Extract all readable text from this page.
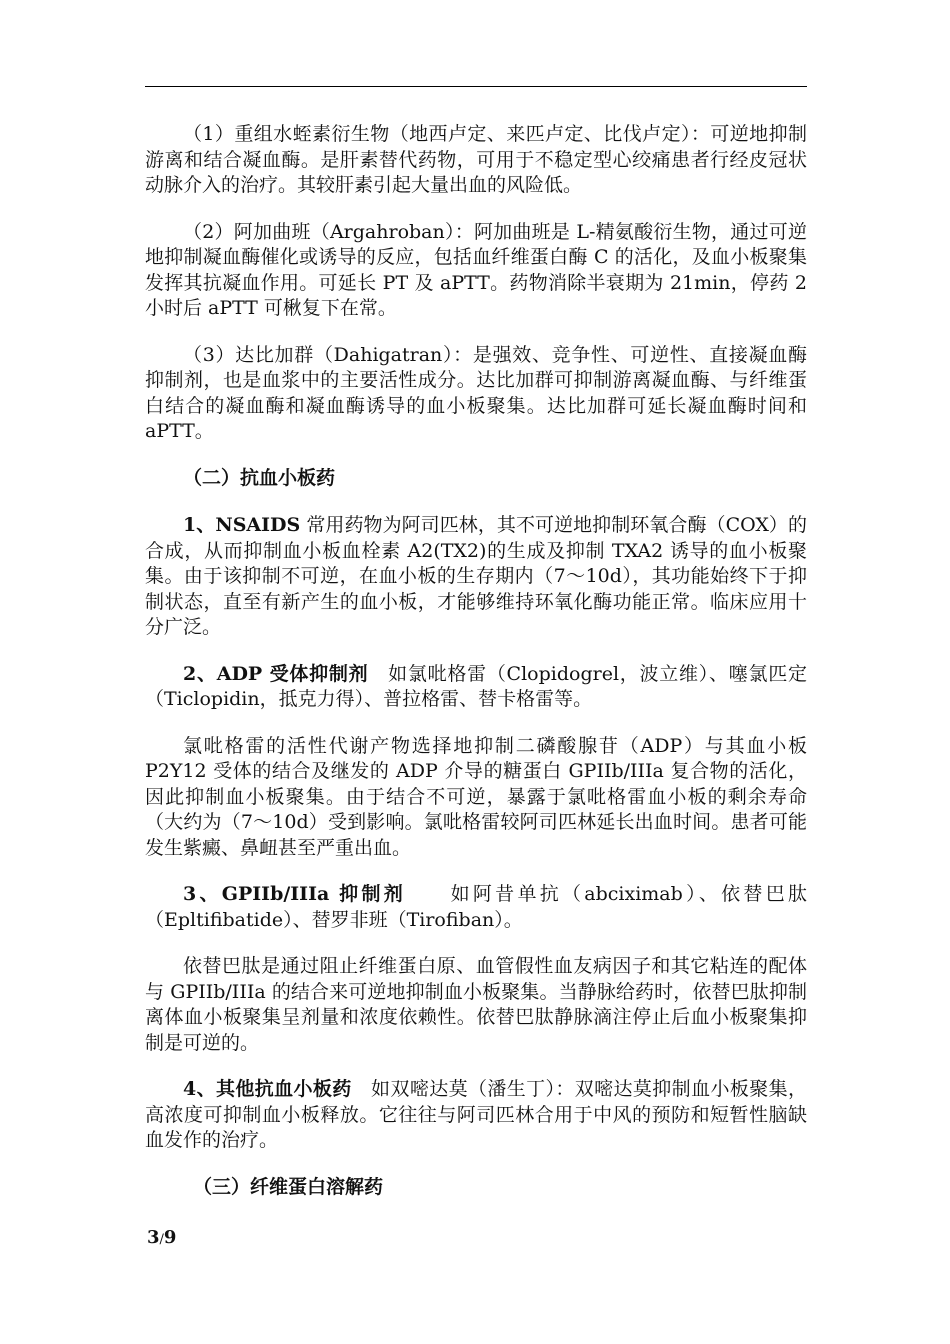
（1）重组水蛭素衍生物（地西卢定、来匹卢定、比伐卢定）：可逆地抑制游离和结合凝血酶。是肝素替代药物，可用于不稳定型心绞痛患者行经皮冠状动脉介入的治疗。其较肝素引起大量出血的风险低。

（2）阿加曲班（Argahroban）：阿加曲班是 L-精氨酸衍生物，通过可逆地抑制凝血酶催化或诱导的反应，包括血纤维蛋白酶 C 的活化，及血小板聚集发挥其抗凝血作用。可延长 PT 及 aPTT。药物消除半衰期为 21min，停药 2 小时后 aPTT 可楸复下在常。

（3）达比加群（Dahigatran）：是强效、竞争性、可逆性、直接凝血酶抑制剂，也是血浆中的主要活性成分。达比加群可抑制游离凝血酶、与纤维蛋白结合的凝血酶和凝血酶诱导的血小板聚集。达比加群可延长凝血酶时间和 aPTT。

（二）抗血小板药

1、NSAIDS 常用药物为阿司匹林，其不可逆地抑制环氧合酶（COX）的合成，从而抑制血小板血栓素 A2(TX2)的生成及抑制 TXA2 诱导的血小板聚集。由于该抑制不可逆，在血小板的生存期内（7～10d），其功能始终下于抑制状态，直至有新产生的血小板，才能够维持环氧化酶功能正常。临床应用十分广泛。

2、ADP 受体抑制剂　如氯吡格雷（Clopidogrel，波立维）、噻氯匹定（Ticlopidin，抵克力得）、普拉格雷、替卡格雷等。

氯吡格雷的活性代谢产物选择地抑制二磷酸腺苷（ADP）与其血小板 P2Y12 受体的结合及继发的 ADP 介导的糖蛋白 GPIIb/IIIa 复合物的活化，因此抑制血小板聚集。由于结合不可逆，暴露于氯吡格雷血小板的剩余寿命（大约为（7～10d）受到影响。氯吡格雷较阿司匹林延长出血时间。患者可能发生紫癜、鼻衄甚至严重出血。

3、GPIIb/IIIa 抑制剂　　如阿昔单抗（abciximab）、依替巴肽（Epltifibatide）、替罗非班（Tirofiban）。

依替巴肽是通过阻止纤维蛋白原、血管假性血友病因子和其它粘连的配体与 GPIIb/IIIa 的结合来可逆地抑制血小板聚集。当静脉给药时，依替巴肽抑制离体血小板聚集呈剂量和浓度依赖性。依替巴肽静脉滴注停止后血小板聚集抑制是可逆的。

4、其他抗血小板药　如双嘧达莫（潘生丁）：双嘧达莫抑制血小板聚集，高浓度可抑制血小板释放。它往往与阿司匹林合用于中风的预防和短暂性脑缺血发作的治疗。

（三）纤维蛋白溶解药

3/9
